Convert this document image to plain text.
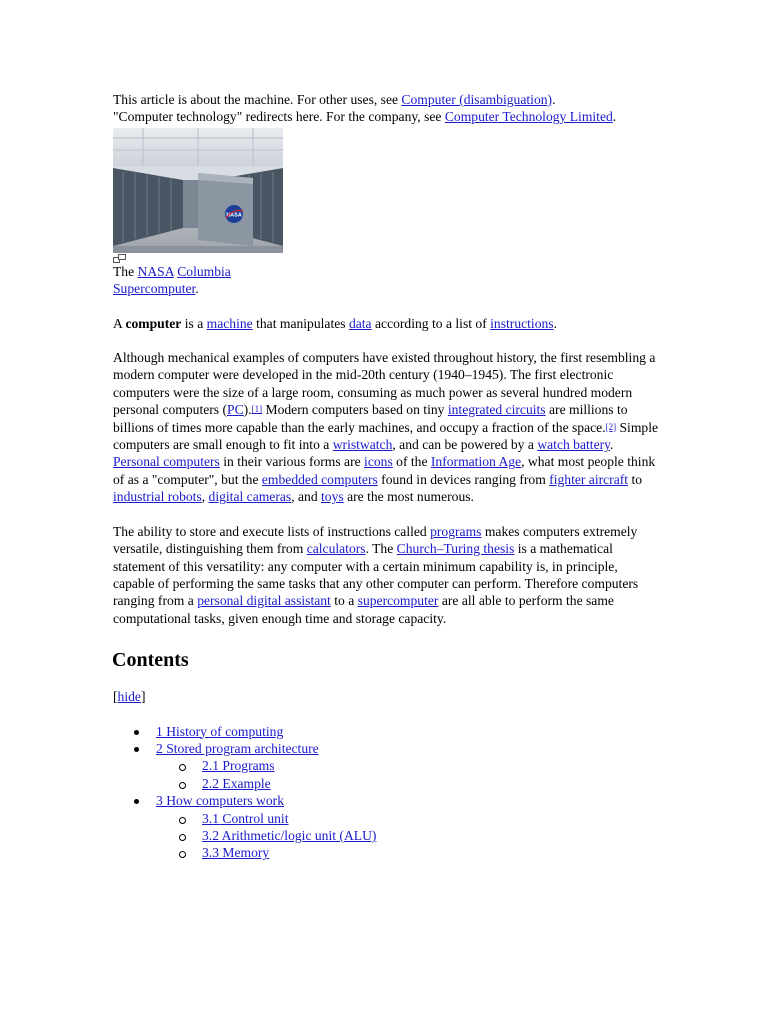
This article is about the machine. For other uses, see Computer (disambiguation).

"Computer technology" redirects here. For the company, see Computer Technology Limited.

NASA

The NASA Columbia Supercomputer.

A computer is a machine that manipulates data according to a list of instructions.

Although mechanical examples of computers have existed throughout history, the first resembling a modern computer were developed in the mid-20th century (1940–1945). The first electronic computers were the size of a large room, consuming as much power as several hundred modern personal computers (PC).[1] Modern computers based on tiny integrated circuits are millions to billions of times more capable than the early machines, and occupy a fraction of the space.[2] Simple computers are small enough to fit into a wristwatch, and can be powered by a watch battery. Personal computers in their various forms are icons of the Information Age, what most people think of as a "computer", but the embedded computers found in devices ranging from fighter aircraft to industrial robots, digital cameras, and toys are the most numerous.

The ability to store and execute lists of instructions called programs makes computers extremely versatile, distinguishing them from calculators. The Church–Turing thesis is a mathematical statement of this versatility: any computer with a certain minimum capability is, in principle, capable of performing the same tasks that any other computer can perform. Therefore computers ranging from a personal digital assistant to a supercomputer are all able to perform the same computational tasks, given enough time and storage capacity.

Contents

[hide]

1 History of computing
2 Stored program architecture
2.1 Programs
2.2 Example
3 How computers work
3.1 Control unit
3.2 Arithmetic/logic unit (ALU)
3.3 Memory
